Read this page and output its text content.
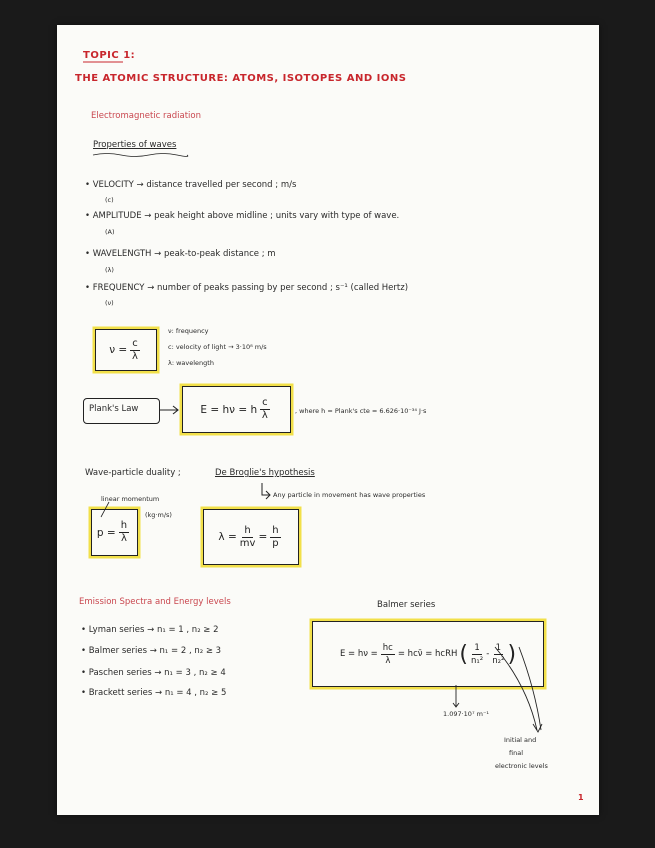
TOPIC 1:
THE ATOMIC STRUCTURE: ATOMS, ISOTOPES AND IONS
Electromagnetic radiation
Properties of waves
• VELOCITY → distance travelled per second ; m/s
(c)
• AMPLITUDE → peak height above midline ; units vary with type of wave.
(A)
• WAVELENGTH → peak-to-peak distance ; m
(λ)
• FREQUENCY → number of peaks passing by per second ; s⁻¹ (called Hertz)
(ν)
$\nu = \frac{c}{\lambda}$
ν: frequency
c: velocity of light → 3·10⁸ m/s
λ: wavelength
Plank's Law	E = hν = h $\frac{c}{\lambda}$	, where h = Plank's cte = 6.626·10⁻³⁴ J·s
Wave-particle duality ;	De Broglie's hypothesis
Any particle in movement has wave properties
linear momentum
(kg·m/s)
$p = \frac{h}{\lambda}$	$\lambda = \frac{h}{mv} = \frac{h}{p}$
Emission Spectra and Energy levels	Balmer series
• Lyman series → n₁ = 1 , n₂ ≥ 2
• Balmer series → n₁ = 2 , n₂ ≥ 3
• Paschen series → n₁ = 3 , n₂ ≥ 4
• Brackett series → n₁ = 4 , n₂ ≥ 5
$E = h\nu = \frac{hc}{\lambda}$ = hcν̄ = hcRH ( $\frac{1}{\text{n₁²}} - \frac{1}{\text{n₂²}}$ )
1.097·10⁷ m⁻¹
Initial and
final
electronic levels
1
